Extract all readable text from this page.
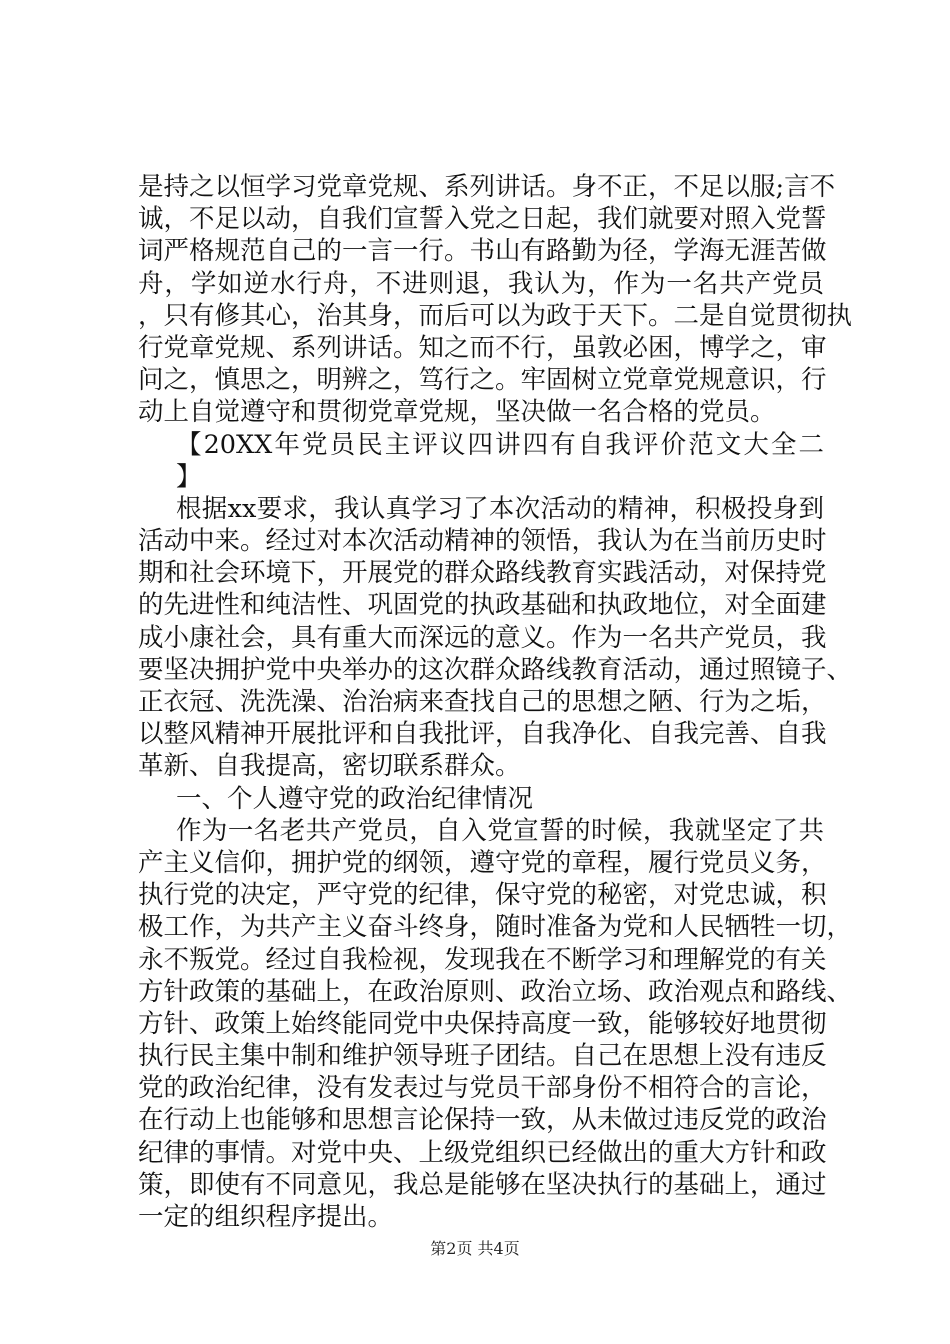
是持之以恒学习党章党规、系列讲话。身不正，不足以服;言不
诚，不足以动，自我们宣誓入党之日起，我们就要对照入党誓
词严格规范自己的一言一行。书山有路勤为径，学海无涯苦做
舟，学如逆水行舟，不进则退，我认为，作为一名共产党员
，只有修其心，治其身，而后可以为政于天下。二是自觉贯彻执
行党章党规、系列讲话。知之而不行，虽敦必困，博学之，审
问之，慎思之，明辨之，笃行之。牢固树立党章党规意识，行
动上自觉遵守和贯彻党章党规，坚决做一名合格的党员。
【20XX年党员民主评议四讲四有自我评价范文大全二
】
根据xx要求，我认真学习了本次活动的精神，积极投身到
活动中来。经过对本次活动精神的领悟，我认为在当前历史时
期和社会环境下，开展党的群众路线教育实践活动，对保持党
的先进性和纯洁性、巩固党的执政基础和执政地位，对全面建
成小康社会，具有重大而深远的意义。作为一名共产党员，我
要坚决拥护党中央举办的这次群众路线教育活动，通过照镜子、
正衣冠、洗洗澡、治治病来查找自己的思想之陋、行为之垢，
以整风精神开展批评和自我批评，自我净化、自我完善、自我
革新、自我提高，密切联系群众。
一、个人遵守党的政治纪律情况
作为一名老共产党员，自入党宣誓的时候，我就坚定了共
产主义信仰，拥护党的纲领，遵守党的章程，履行党员义务，
执行党的决定，严守党的纪律，保守党的秘密，对党忠诚，积
极工作，为共产主义奋斗终身，随时准备为党和人民牺牲一切，
永不叛党。经过自我检视，发现我在不断学习和理解党的有关
方针政策的基础上，在政治原则、政治立场、政治观点和路线、
方针、政策上始终能同党中央保持高度一致，能够较好地贯彻
执行民主集中制和维护领导班子团结。自己在思想上没有违反
党的政治纪律，没有发表过与党员干部身份不相符合的言论，
在行动上也能够和思想言论保持一致，从未做过违反党的政治
纪律的事情。对党中央、上级党组织已经做出的重大方针和政
策，即使有不同意见，我总是能够在坚决执行的基础上，通过
一定的组织程序提出。
第2页 共4页
